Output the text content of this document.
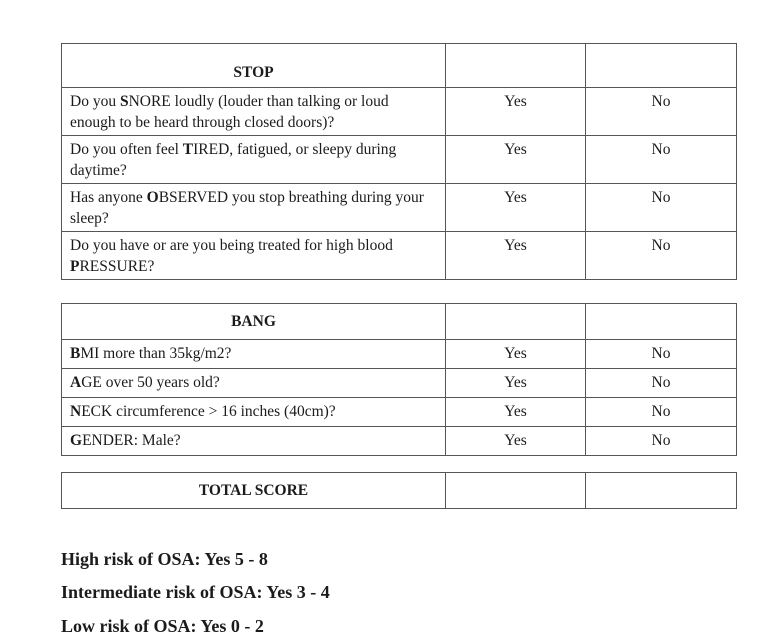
STOP		
Do you SNORE loudly (louder than talking or loud enough to be heard through closed doors)?	Yes	No
Do you often feel TIRED, fatigued, or sleepy during daytime?	Yes	No
Has anyone OBSERVED you stop breathing during your sleep?	Yes	No
Do you have or are you being treated for high blood PRESSURE?	Yes	No
BANG		
BMI more than 35kg/m2?	Yes	No
AGE over 50 years old?	Yes	No
NECK circumference > 16 inches (40cm)?	Yes	No
GENDER: Male?	Yes	No
TOTAL SCORE		
High risk of OSA: Yes 5 - 8
Intermediate risk of OSA: Yes 3 - 4
Low risk of OSA: Yes 0 - 2
